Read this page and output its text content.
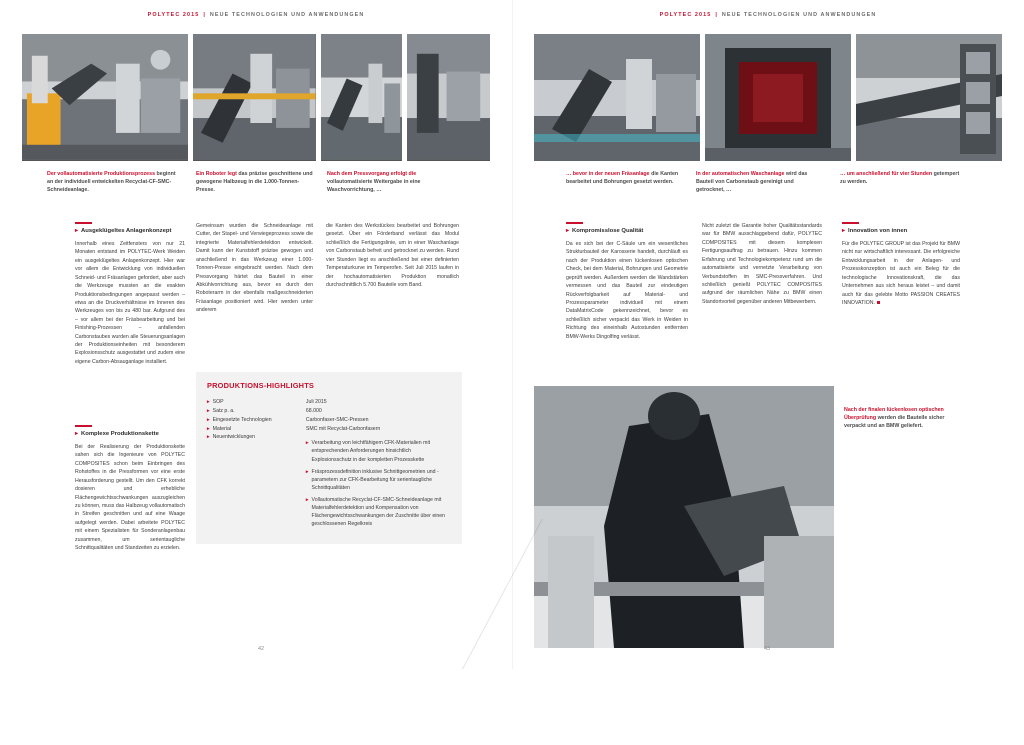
POLYTEC 2015 | NEUE TECHNOLOGIEN UND ANWENDUNGEN
Der vollautomatisierte Produktionsprozess beginnt an der individuell entwickelten Recyclat-CF-SMC-Schneideanlage.
Ein Roboter legt das präzise geschnittene und gewogene Halbzeug in die 1.000-Tonnen-Presse.
Nach dem Pressvorgang erfolgt die vollautomatisierte Weitergabe in eine Waschvorrichtung, …
▸ Ausgeklügeltes Anlagenkonzept

Innerhalb eines Zeitfensters von nur 21 Monaten entstand im POLYTEC-Werk Weiden ein ausgeklügeltes Anlagenkonzept. Hier war vor allem die Entwicklung von individuellen Schneid- und Fräsanlagen gefordert, aber auch die Werkzeuge mussten an die exakten Produktionsbedingungen angepasst werden – etwa an die Druckverhältnisse im Inneren des Werkzeuges von bis zu 480 bar. Aufgrund des – vor allem bei der Fräsbearbeitung und bei Finishing-Prozessen – anfallenden Carbonstaubes wurden alle Steuerungsanlagen der Produktionseinheiten mit besonderem Explosionsschutz ausgestattet und zudem eine eigene Carbon-Absauganlage installiert.

▸ Komplexe Produktionskette

Bei der Realisierung der Produktionskette sahen sich die Ingenieure von POLYTEC COMPOSITES schon beim Einbringen des Rohstoffes in die Pressformen vor eine erste Herausforderung gestellt. Um den CFK korrekt dosieren und erhebliche Flächengewichtsschwankungen auszugleichen zu können, muss das Halbzeug vollautomatisch in Streifen geschnitten und auf eine Waage aufgelegt werden. Dabei arbeitete POLYTEC mit einem Spezialisten für Sonderanlagenbau zusammen, um serientaugliche Schnittqualitäten und Standzeiten zu erzielen.

Gemeinsam wurden die Schneideanlage mit Cutter, der Stapel- und Verwiegeprozess sowie die integrierte Materialfehlerdetektion entwickelt. Damit kann der Kunststoff präzise gewogen und anschließend in das Werkzeug einer 1.000-Tonnen-Presse eingebracht werden. Nach dem Pressvorgang härtet das Bauteil in einer Abkühlvorrichtung aus, bevor es durch den Roboterarm in der ebenfalls maßgeschneiderten Fräsanlage positioniert wird. Hier werden unter anderem

die Kanten des Werkstückes bearbeitet und Bohrungen gesetzt. Über ein Förderband verlässt das Modul schließlich die Fertigungslinie, um in einer Waschanlage von Carbonstaub befreit und getrocknet zu werden. Rund vier Stunden liegt es anschließend bei einer definierten Temperaturkurve im Temperofen. Seit Juli 2015 laufen in der hochautomatisierten Produktion monatlich durchschnittlich 5.700 Bauteile vom Band.

PRODUKTIONS-HIGHLIGHTS
▸ SOP
▸ Satz p. a.
▸ Eingesetzte Technologien
▸ Material
▸ Neuentwicklungen
Juli 2015
68.000
Carbonfaser-SMC-Pressen
SMC mit Recyclat-Carbonfasern
▸ Verarbeitung von leichtfähigem CFK-Materialien mit entsprechenden Anforderungen hinsichtlich Explosionsschutz in der kompletten Prozesskette
▸ Fräsprozessdefinition inklusive Schnittgeometrien und -parametern zur CFK-Bearbeitung für serientaugliche Schnittqualitäten
▸ Vollautomatische Recyclat-CF-SMC-Schneideanlage mit Materialfehlerdetektion und Kompensation von Flächengewichtsschwankungen der Zuschnitte über einen geschlossenen Regelkreis
42
POLYTEC 2015 | NEUE TECHNOLOGIEN UND ANWENDUNGEN
… bevor in der neuen Fräsanlage die Kanten bearbeitet und Bohrungen gesetzt werden.
In der automatischen Waschanlage wird das Bauteil von Carbonstaub gereinigt und getrocknet, …
… um anschließend für vier Stunden getempert zu werden.
▸ Kompromisslose Qualität

Da es sich bei der C-Säule um ein wesentliches Strukturbauteil der Karosserie handelt, durchläuft es nach der Produktion einen lückenlosen optischen Check, bei dem Material, Bohrungen und Geometrie geprüft werden. Außerdem werden die Wandstärken vermessen und das Bauteil zur eindeutigen Rückverfolgbarkeit auf Material- und Prozessparameter individuell mit einem DataMatrixCode gekennzeichnet, bevor es schließlich sicher verpackt das Werk in Weiden in Richtung des eineinhalb Autostunden entfernten BMW-Werks Dingolfing verlässt.

Nicht zuletzt die Garantie hoher Qualitätsstandards war für BMW ausschlaggebend dafür, POLYTEC COMPOSITES mit diesem komplexen Fertigungsauftrag zu betrauen. Hinzu kommen Erfahrung und Technologiekompetenz rund um die automatisierte und vernetzte Verarbeitung von Verbundstoffen im SMC-Pressverfahren. Und schließlich genießt POLYTEC COMPOSITES aufgrund der räumlichen Nähe zu BMW einen Standortvorteil gegenüber anderen Mitbewerbern.

▸ Innovation von innen

Für die POLYTEC GROUP ist das Projekt für BMW nicht nur wirtschaftlich interessant. Die erfolgreiche Entwicklungsarbeit in der Anlagen- und Prozesskonzeption ist auch ein Beleg für die technologische Innovationskraft, die das Unternehmen aus sich heraus leistet – und damit auch für das gelebte Motto PASSION CREATES INNOVATION.

Nach der finalen lückenlosen optischen Überprüfung werden die Bauteile sicher verpackt und an BMW geliefert.
43
